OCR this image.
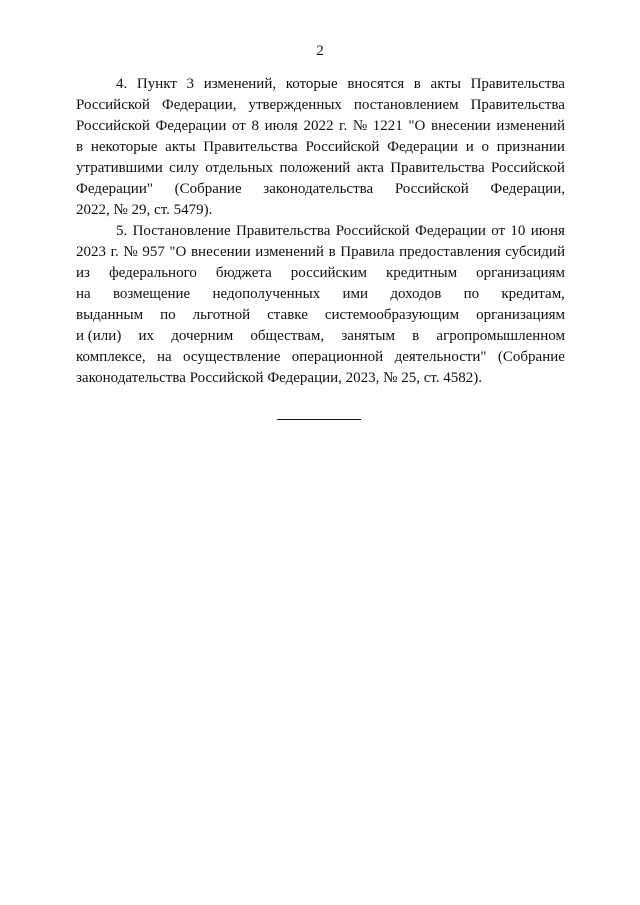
2
4. Пункт 3 изменений, которые вносятся в акты Правительства
Российской Федерации, утвержденных постановлением Правительства
Российской Федерации от 8 июля 2022 г. № 1221 "О внесении изменений
в некоторые акты Правительства Российской Федерации и о признании
утратившими силу отдельных положений акта Правительства Российской
Федерации" (Собрание законодательства Российской Федерации,
2022, № 29, ст. 5479).
5. Постановление Правительства Российской Федерации от 10 июня
2023 г. № 957 "О внесении изменений в Правила предоставления субсидий
из федерального бюджета российским кредитным организациям
на возмещение недополученных ими доходов по кредитам,
выданным по льготной ставке системообразующим организациям
и (или) их дочерним обществам, занятым в агропромышленном
комплексе, на осуществление операционной деятельности" (Собрание
законодательства Российской Федерации, 2023, № 25, ст. 4582).
